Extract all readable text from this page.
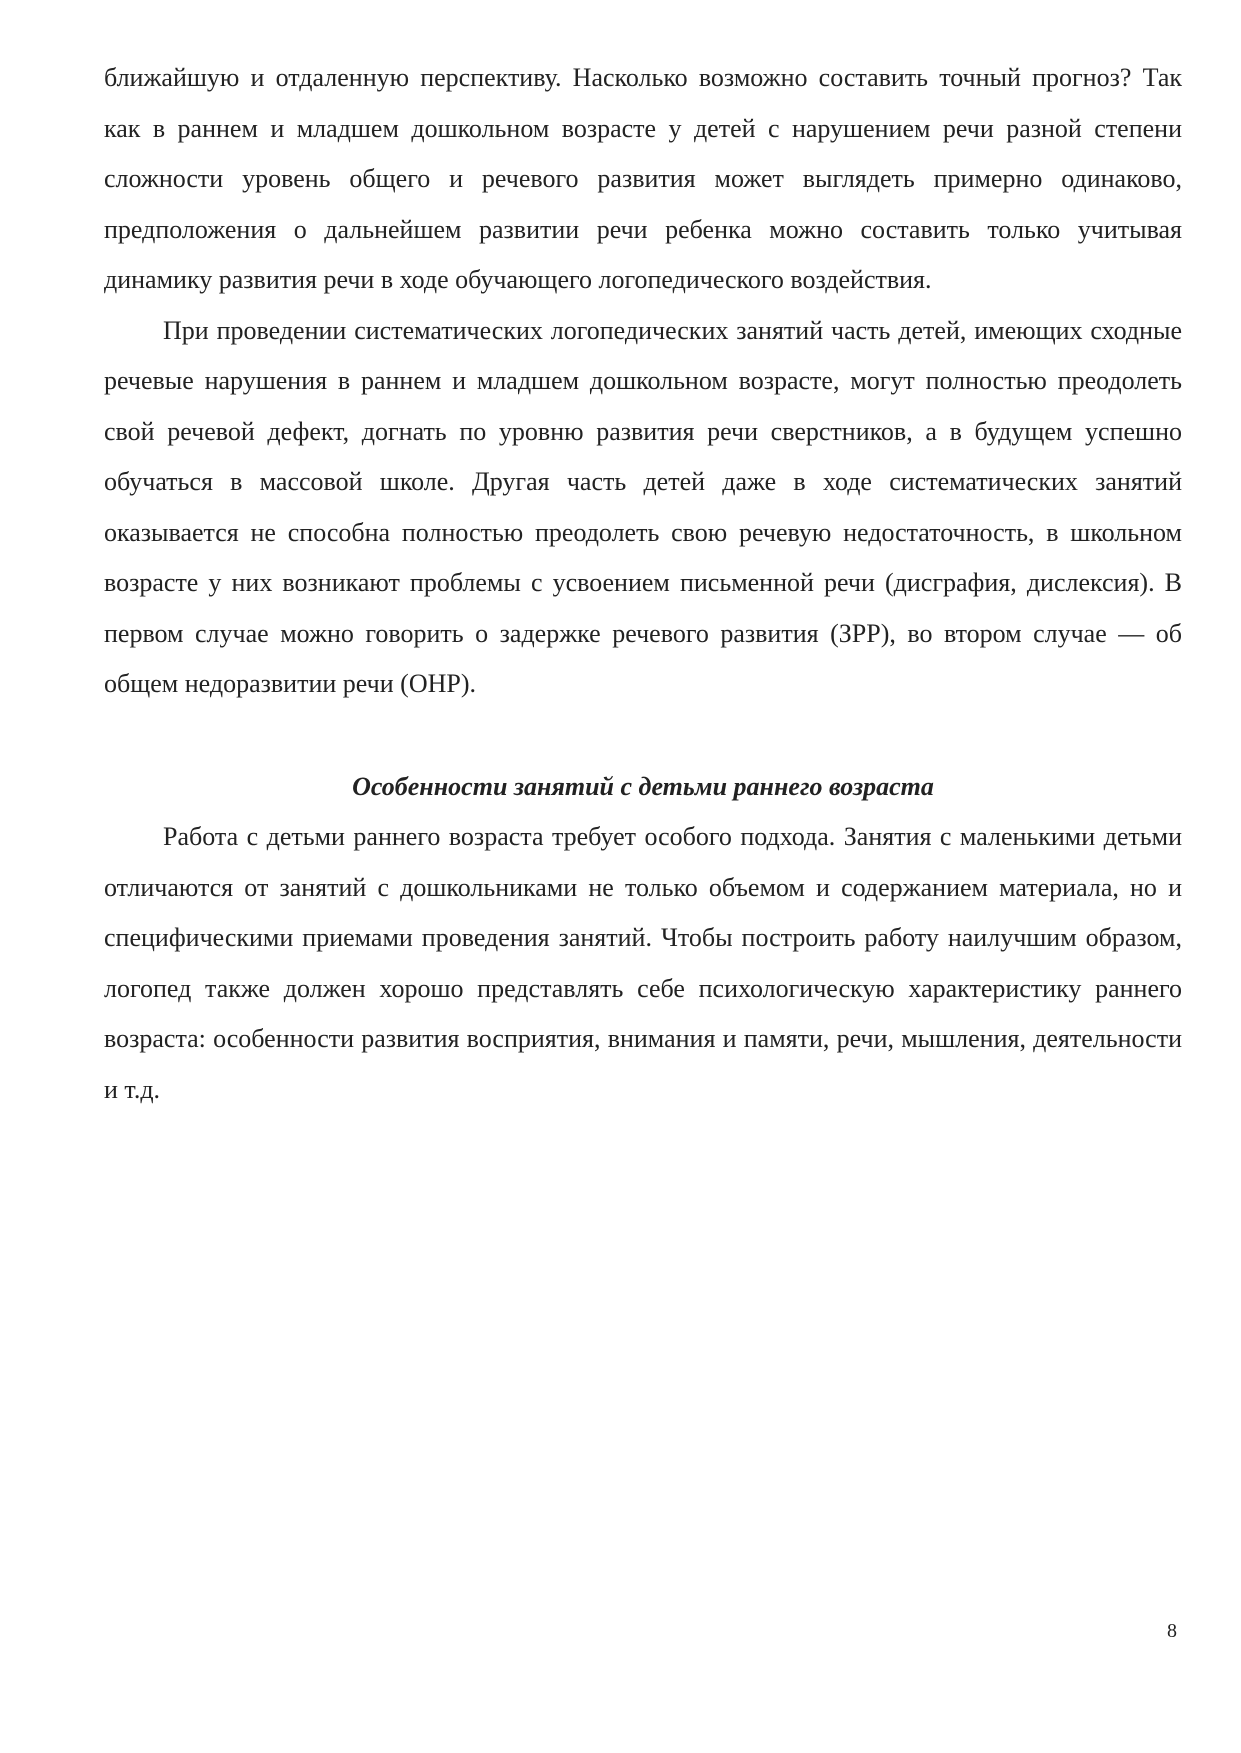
ближайшую и отдаленную перспективу. Насколько возможно составить точный прогноз? Так как в раннем и младшем дошкольном возрасте у детей с нарушением речи разной степени сложности уровень общего и речевого развития может выглядеть примерно одинаково, предположения о дальнейшем развитии речи ребенка можно составить только учитывая динамику развития речи в ходе обучающего логопедического воздействия.

При проведении систематических логопедических занятий часть детей, имеющих сходные речевые нарушения в раннем и младшем дошкольном возрасте, могут полностью преодолеть свой речевой дефект, догнать по уровню развития речи сверстников, а в будущем успешно обучаться в массовой школе. Другая часть детей даже в ходе систематических занятий оказывается не способна полностью преодолеть свою речевую недостаточность, в школьном возрасте у них возникают проблемы с усвоением письменной речи (дисграфия, дислексия). В первом случае можно говорить о задержке речевого развития (ЗРР), во втором случае — об общем недоразвитии речи (ОНР).

Особенности занятий с детьми раннего возраста

Работа с детьми раннего возраста требует особого подхода. Занятия с маленькими детьми отличаются от занятий с дошкольниками не только объемом и содержанием материала, но и специфическими приемами проведения занятий. Чтобы построить работу наилучшим образом, логопед также должен хорошо представлять себе психологическую характеристику раннего возраста: особенности развития восприятия, внимания и памяти, речи, мышления, деятельности и т.д.

8
